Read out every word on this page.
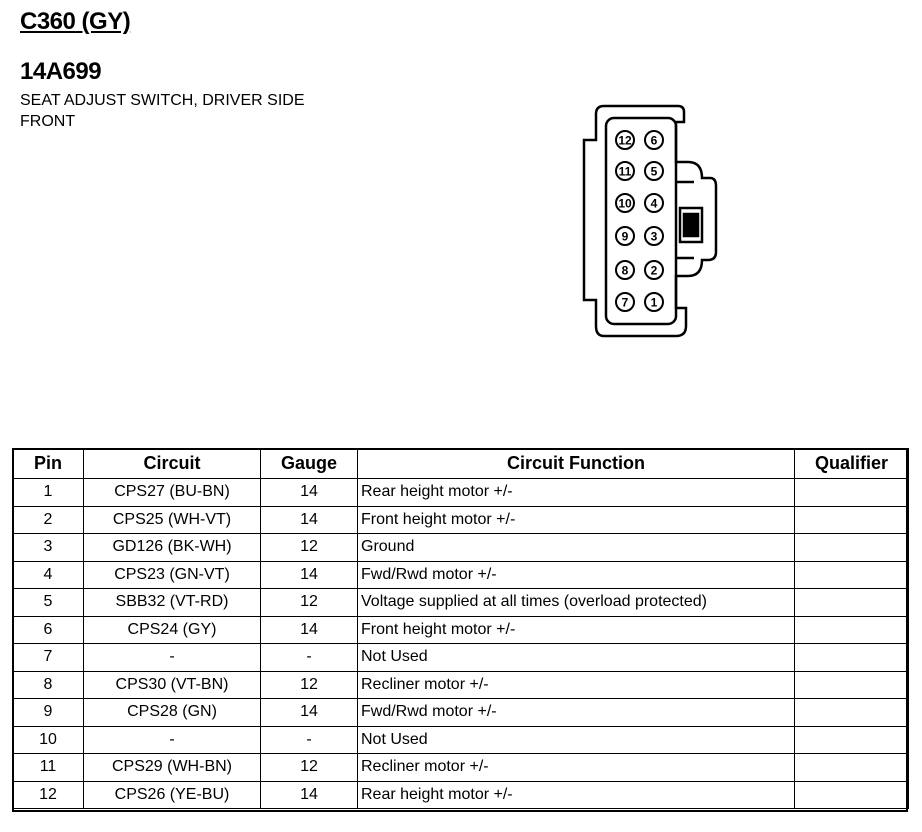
C360 (GY)
14A699
SEAT ADJUST SWITCH, DRIVER SIDE
FRONT
12 6
11 5
10 4
9 3
8 2
7 1
Pin	Circuit	Gauge	Circuit Function	Qualifier
1	CPS27 (BU-BN)	14	Rear height motor +/-	
2	CPS25 (WH-VT)	14	Front height motor +/-	
3	GD126 (BK-WH)	12	Ground	
4	CPS23 (GN-VT)	14	Fwd/Rwd motor +/-	
5	SBB32 (VT-RD)	12	Voltage supplied at all times (overload protected)	
6	CPS24 (GY)	14	Front height motor +/-	
7	-	-	Not Used	
8	CPS30 (VT-BN)	12	Recliner motor +/-	
9	CPS28 (GN)	14	Fwd/Rwd motor +/-	
10	-	-	Not Used	
11	CPS29 (WH-BN)	12	Recliner motor +/-	
12	CPS26 (YE-BU)	14	Rear height motor +/-	
